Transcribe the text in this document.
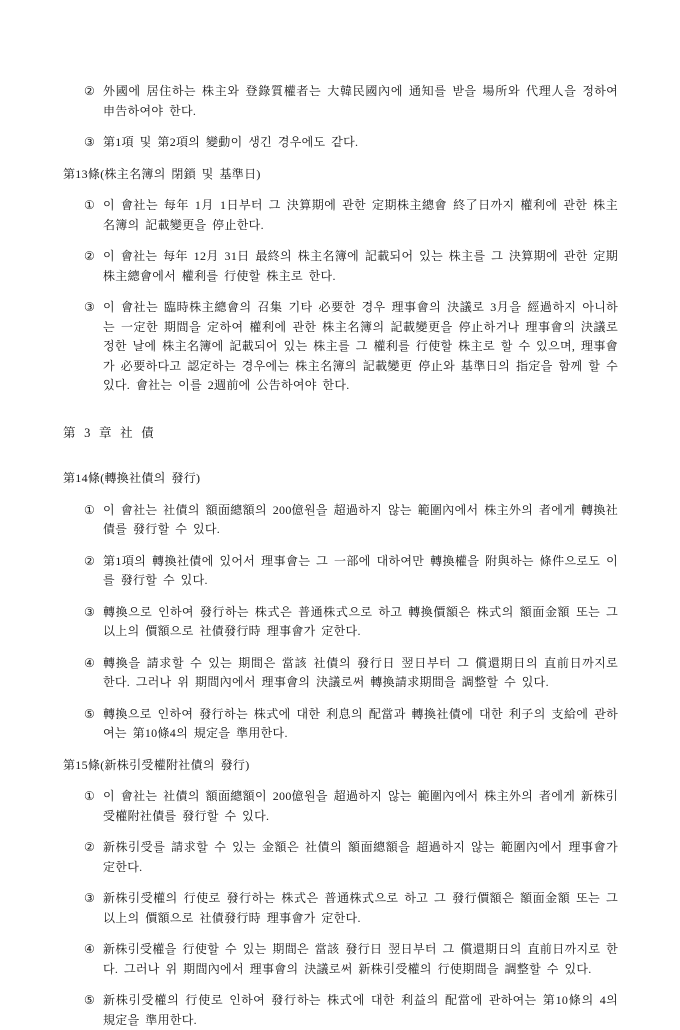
② 外國에 居住하는 株主와 登錄質權者는 大韓民國內에 通知를 받을 場所와 代理人을 정하여 申告하여야 한다.

③ 第1項 및 第2項의 變動이 생긴 경우에도 같다.

第13條(株主名簿의 閉鎖 및 基準日)

① 이 會社는 每年 1月 1日부터 그 決算期에 관한 定期株主總會 終了日까지 權利에 관한 株主名簿의 記載變更을 停止한다.

② 이 會社는 每年 12月 31日 最終의 株主名簿에 記載되어 있는 株主를 그 決算期에 관한 定期株主總會에서 權利를 行使할 株主로 한다.

③ 이 會社는 臨時株主總會의 召集 기타 必要한 경우 理事會의 決議로 3月을 經過하지 아니하는 一定한 期間을 定하여 權利에 관한 株主名簿의 記載變更을 停止하거나 理事會의 決議로 정한 날에 株主名簿에 記載되어 있는 株主를 그 權利를 行使할 株主로 할 수 있으며, 理事會가 必要하다고 認定하는 경우에는 株主名簿의 記載變更 停止와 基準日의 指定을 함께 할 수 있다. 會社는 이를 2週前에 公告하여야 한다.

第 3 章 社 債

第14條(轉換社債의 發行)

① 이 會社는 社債의 額面總額의 200億원을 超過하지 않는 範圍內에서 株主外의 者에게 轉換社債를 發行할 수 있다.

② 第1項의 轉換社債에 있어서 理事會는 그 一部에 대하여만 轉換權을 附與하는 條件으로도 이를 發行할 수 있다.

③ 轉換으로 인하여 發行하는 株式은 普通株式으로 하고 轉換價額은 株式의 額面金額 또는 그 以上의 價額으로 社債發行時 理事會가 定한다.

④ 轉換을 請求할 수 있는 期間은 當該 社債의 發行日 翌日부터 그 償還期日의 直前日까지로 한다. 그러나 위 期間內에서 理事會의 決議로써 轉換請求期間을 調整할 수 있다.

⑤ 轉換으로 인하여 發行하는 株式에 대한 利息의 配當과 轉換社債에 대한 利子의 支給에 관하여는 第10條4의 規定을 準用한다.

第15條(新株引受權附社債의 發行)

① 이 會社는 社債의 額面總額이 200億원을 超過하지 않는 範圍內에서 株主外의 者에게 新株引受權附社債를 發行할 수 있다.

② 新株引受를 請求할 수 있는 金額은 社債의 額面總額을 超過하지 않는 範圍內에서 理事會가 定한다.

③ 新株引受權의 行使로 發行하는 株式은 普通株式으로 하고 그 發行價額은 額面金額 또는 그 以上의 價額으로 社債發行時 理事會가 定한다.

④ 新株引受權을 行使할 수 있는 期間은 當該 發行日 翌日부터 그 償還期日의 直前日까지로 한다. 그러나 위 期間內에서 理事會의 決議로써 新株引受權의 行使期間을 調整할 수 있다.

⑤ 新株引受權의 行使로 인하여 發行하는 株式에 대한 利益의 配當에 관하여는 第10條의 4의 規定을 準用한다.
